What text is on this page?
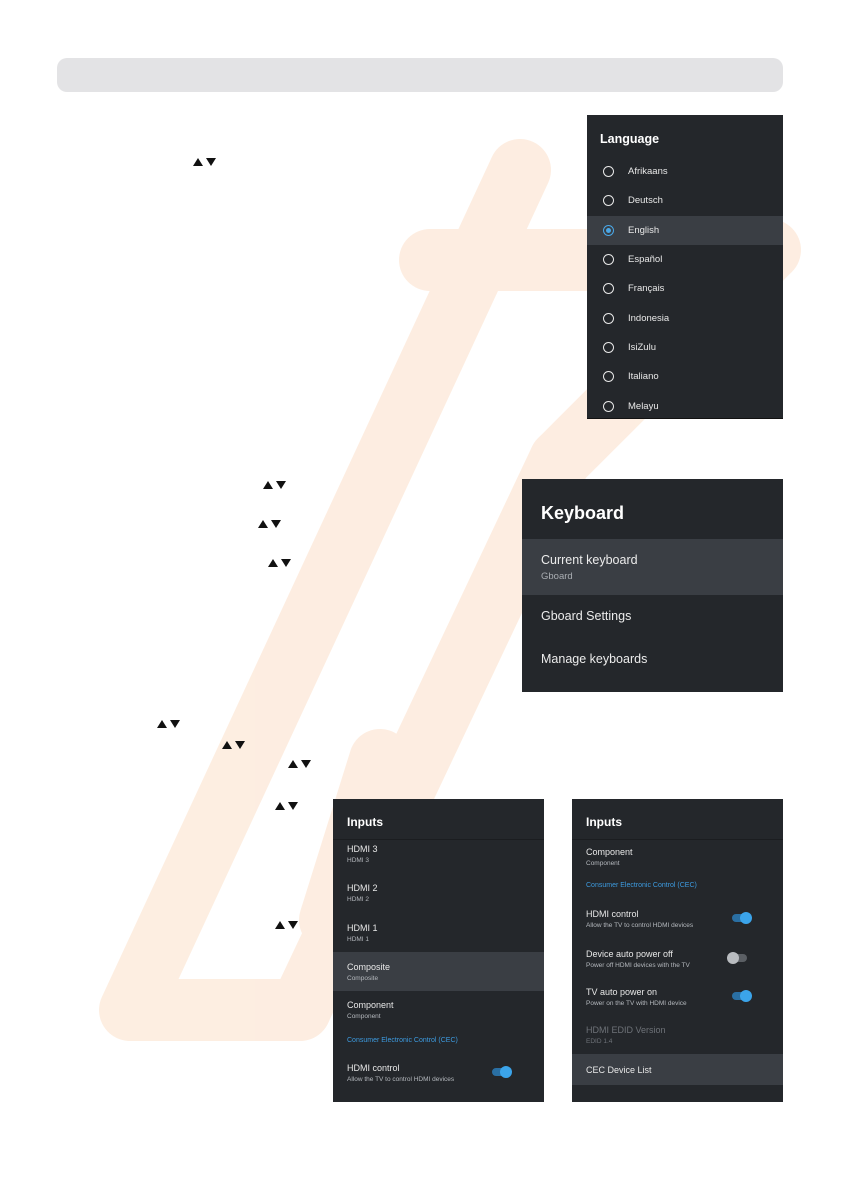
Language
Afrikaans
Deutsch
English
Español
Français
Indonesia
IsiZulu
Italiano
Melayu
Keyboard
Current keyboard
Gboard
Gboard Settings
Manage keyboards
Inputs
HDMI 3
HDMI 3
HDMI 2
HDMI 2
HDMI 1
HDMI 1
Composite
Composite
Component
Component
Consumer Electronic Control (CEC)
HDMI control
Allow the TV to control HDMI devices
Inputs
Component
Component
Consumer Electronic Control (CEC)
HDMI control
Allow the TV to control HDMI devices
Device auto power off
Power off HDMI devices with the TV
TV auto power on
Power on the TV with HDMI device
HDMI EDID Version
EDID 1.4
CEC Device List
